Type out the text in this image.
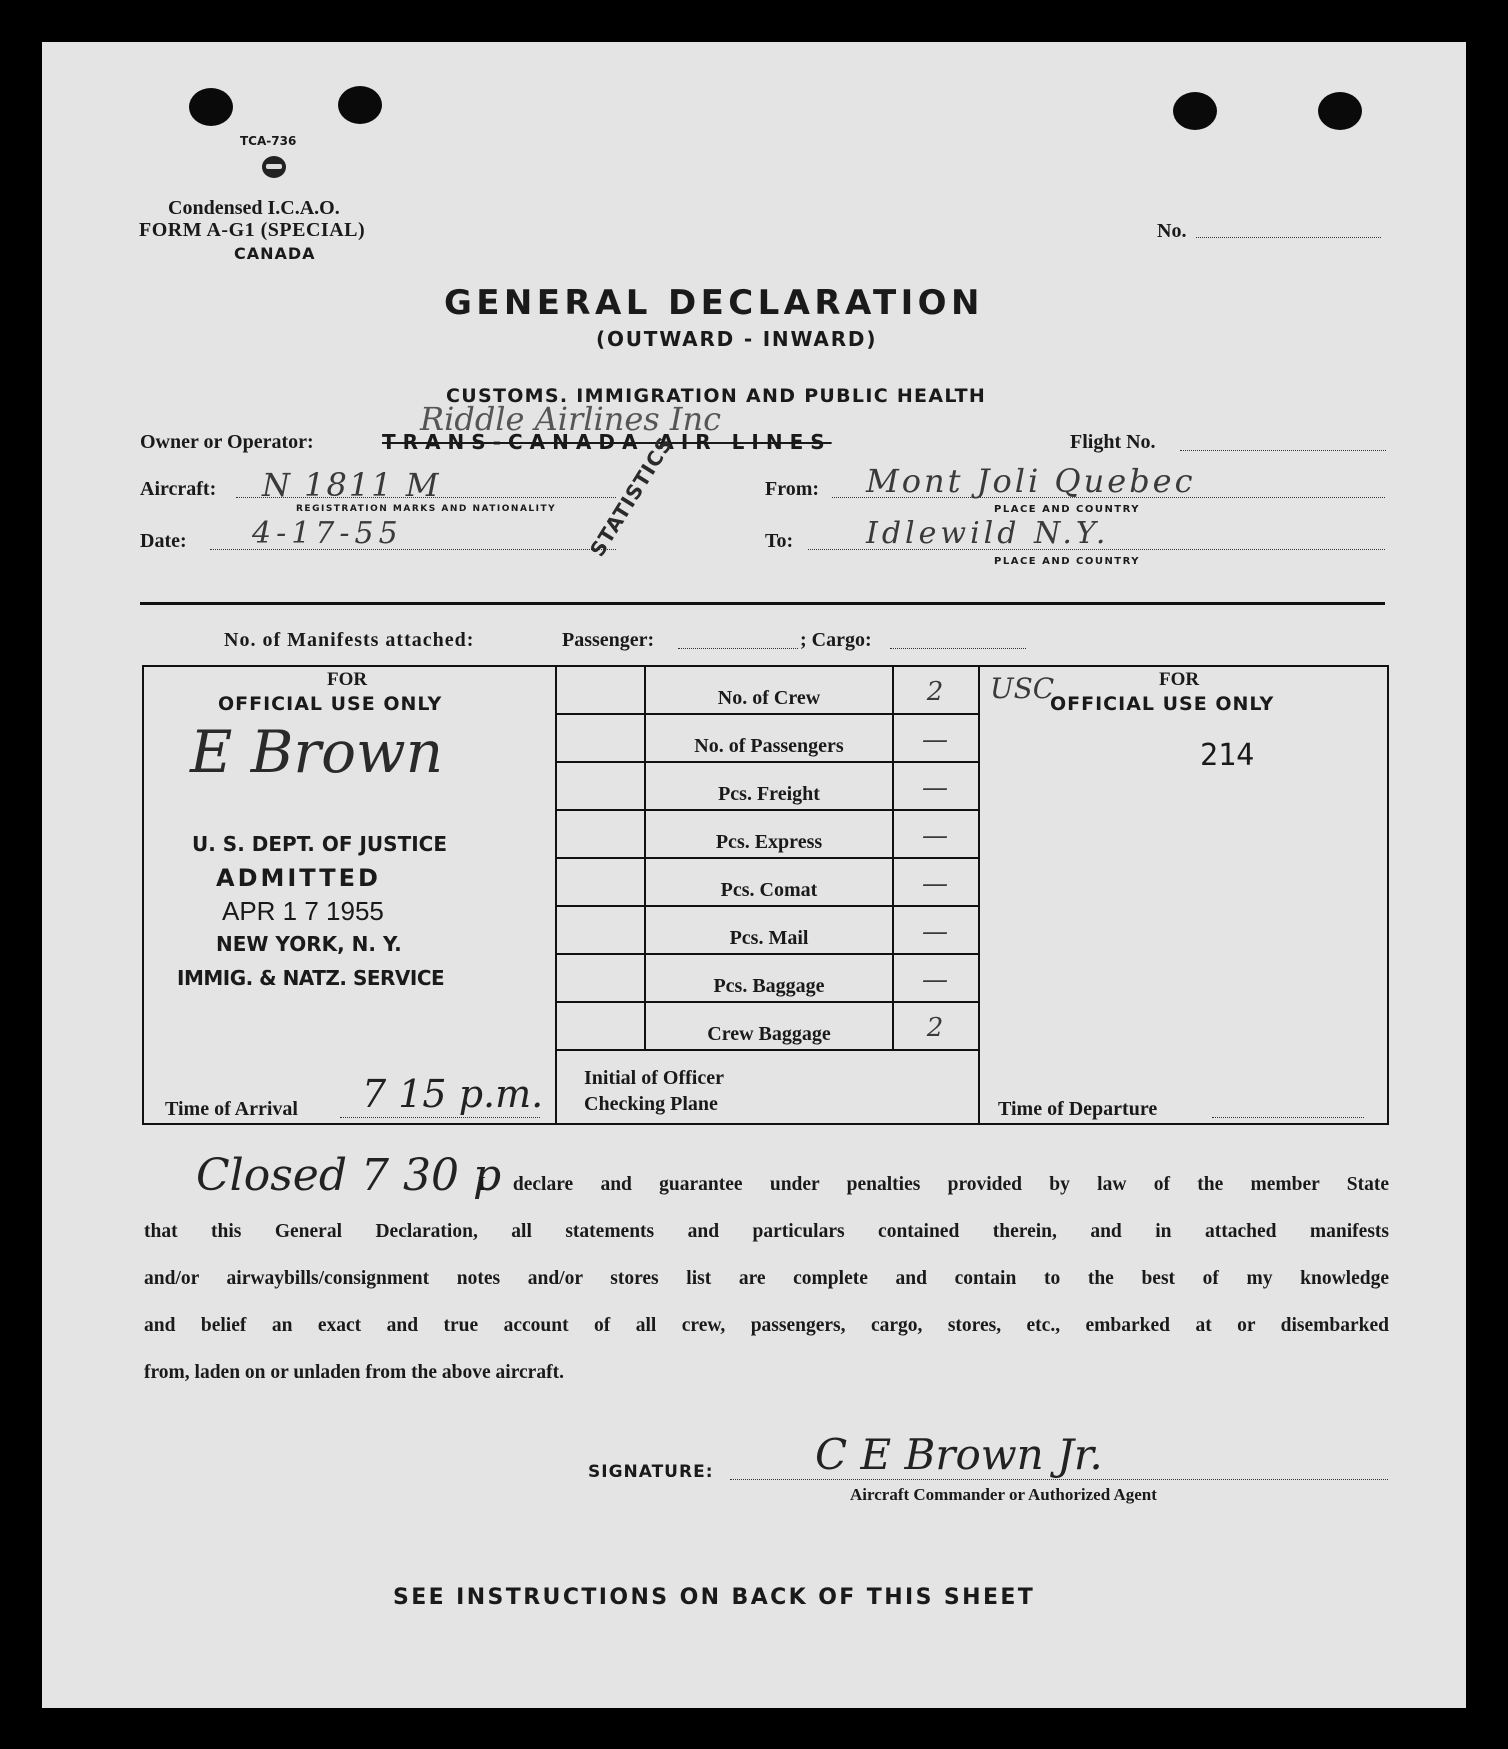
TCA-736
Condensed I.C.A.O.
FORM A-G1 (SPECIAL)
CANADA
No.
GENERAL DECLARATION
(OUTWARD - INWARD)
CUSTOMS. IMMIGRATION AND PUBLIC HEALTH
Owner or Operator:	TRANS-CANADA AIR LINES
Riddle Airlines Inc
Flight No.
Aircraft: N 1811 M
REGISTRATION MARKS AND NATIONALITY
From: Mont Joli Quebec
PLACE AND COUNTRY
Date: 4-17-55	To: Idlewild N.Y.
PLACE AND COUNTRY
STATISTICS
No. of Manifests attached:	Passenger:	; Cargo:
FOR
OFFICIAL USE ONLY
E Brown
U. S. DEPT. OF JUSTICE
ADMITTED
APR 1 7 1955
NEW YORK, N. Y.
IMMIG. & NATZ. SERVICE
Time of Arrival 7 15 p.m.
No. of Crew	2
No. of Passengers	—
Pcs. Freight	—
Pcs. Express	—
Pcs. Comat	—
Pcs. Mail	—
Pcs. Baggage	—
Crew Baggage	2
Initial of Officer
Checking Plane
FOR
OFFICIAL USE ONLY
USC
214
Time of Departure
Closed 7 30 p
I declare and guarantee under penalties provided by law of the member State
that this General Declaration, all statements and particulars contained therein, and in attached manifests
and/or airwaybills/consignment notes and/or stores list are complete and contain to the best of my knowledge
and belief an exact and true account of all crew, passengers, cargo, stores, etc., embarked at or disembarked
from, laden on or unladen from the above aircraft.
SIGNATURE: C E Brown Jr.
Aircraft Commander or Authorized Agent
SEE INSTRUCTIONS ON BACK OF THIS SHEET
